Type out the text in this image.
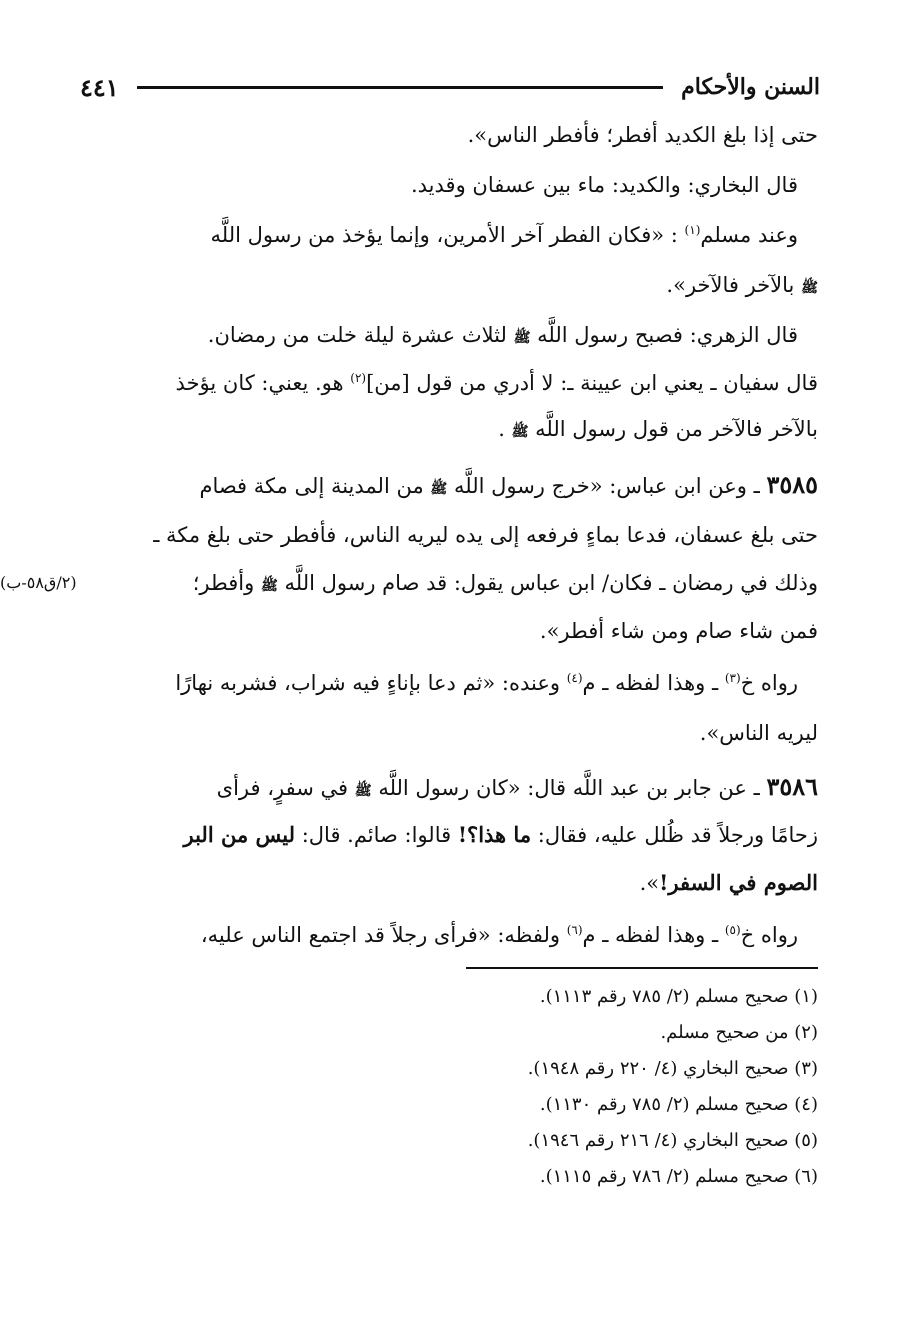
السنن والأحكام
٤٤١
حتى إذا بلغ الكديد أفطر؛ فأفطر الناس».
قال البخاري: والكديد: ماء بين عسفان وقديد.
وعند مسلم$^{(١)}$ : «فكان الفطر آخر الأمرين، وإنما يؤخذ من رسول اللَّه
ﷺ بالآخر فالآخر».
قال الزهري: فصبح رسول اللَّه ﷺ لثلاث عشرة ليلة خلت من رمضان.
قال سفيان ـ يعني ابن عيينة ـ: لا أدري من قول [من]$^{(٢)}$ هو. يعني: كان يؤخذ
بالآخر فالآخر من قول رسول اللَّه ﷺ .
٣٥٨٥ ـ وعن ابن عباس: «خرج رسول اللَّه ﷺ من المدينة إلى مكة فصام
حتى بلغ عسفان، فدعا بماءٍ فرفعه إلى يده ليريه الناس، فأفطر حتى بلغ مكة ـ
وذلك في رمضان ـ فكان/ ابن عباس يقول: قد صام رسول اللَّه ﷺ وأفطر؛
(٢/ق٥٨-ب)
فمن شاء صام ومن شاء أفطر».
رواه خ$^{(٣)}$ ـ وهذا لفظه ـ م$^{(٤)}$ وعنده: «ثم دعا بإناءٍ فيه شراب، فشربه نهارًا
ليريه الناس».
٣٥٨٦ ـ عن جابر بن عبد اللَّه قال: «كان رسول اللَّه ﷺ في سفرٍ، فرأى
زحامًا ورجلاً قد ظُلل عليه، فقال: ما هذا؟! قالوا: صائم. قال: ليس من البر
الصوم في السفر!».
رواه خ$^{(٥)}$ ـ وهذا لفظه ـ م$^{(٦)}$ ولفظه: «فرأى رجلاً قد اجتمع الناس عليه،
(١) صحيح مسلم (٢/ ٧٨٥ رقم ١١١٣).
(٢) من صحيح مسلم.
(٣) صحيح البخاري (٤/ ٢٢٠ رقم ١٩٤٨).
(٤) صحيح مسلم (٢/ ٧٨٥ رقم ١١٣٠).
(٥) صحيح البخاري (٤/ ٢١٦ رقم ١٩٤٦).
(٦) صحيح مسلم (٢/ ٧٨٦ رقم ١١١٥).
